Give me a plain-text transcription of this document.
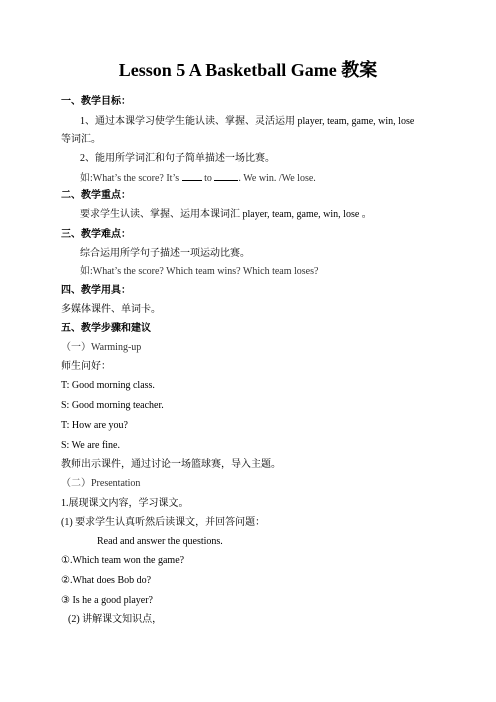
Lesson 5 A Basketball Game 教案
一、教学目标：
1、通过本课学习使学生能认读、掌握、灵活运用 player, team, game, win, lose
等词汇。
2、能用所学词汇和句子简单描述一场比赛。
如:What’s the score? It’s	to	. We win. /We lose.
二、教学重点：
要求学生认读、掌握、运用本课词汇 player, team, game, win, lose 。
三、教学难点：
综合运用所学句子描述一项运动比赛。
如:What’s the score? Which team wins? Which team loses?
四、教学用具：
多媒体课件、单词卡。
五、教学步骤和建议
（一）Warming-up
师生问好：
T: Good morning class.
S: Good morning teacher.
T: How are you?
S: We are fine.
教师出示课件，通过讨论一场篮球赛，导入主题。
（二）Presentation
1.展现课文内容，学习课文。
(1) 要求学生认真听然后读课文，并回答问题：
Read and answer the questions.
①.Which team won the game?
②.What does Bob do?
③ Is he a good player?
(2) 讲解课文知识点，
